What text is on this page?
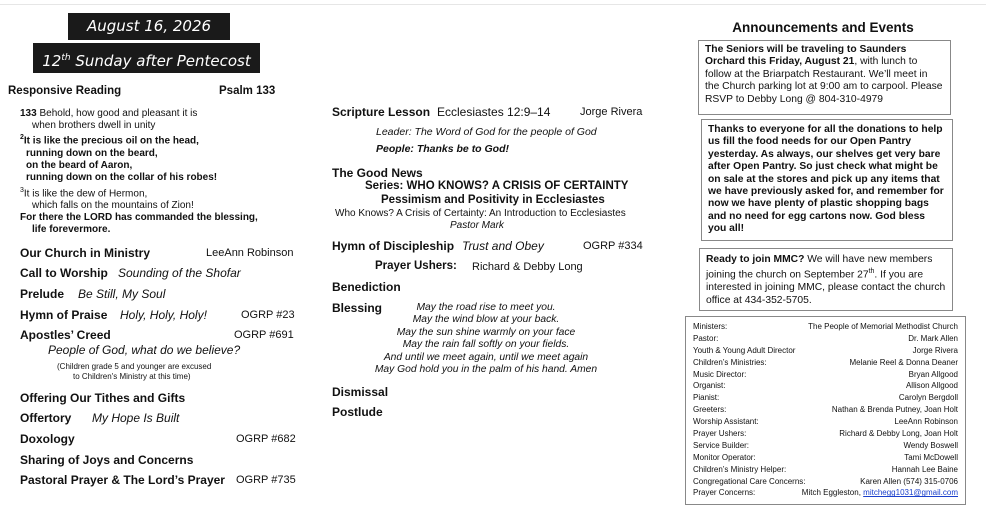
August 16, 2026
12th Sunday after Pentecost
Responsive Reading	Psalm 133
133 Behold, how good and pleasant it is
when brothers dwell in unity
$^2$It is like the precious oil on the head,
running down on the beard,
on the beard of Aaron,
running down on the collar of his robes!
$^3$It is like the dew of Hermon,
which falls on the mountains of Zion!
For there the LORD has commanded the blessing,
life forevermore.
Our Church in Ministry	LeeAnn Robinson
Call to Worship Sounding of the Shofar
Prelude Be Still, My Soul
Hymn of Praise Holy, Holy, Holy!	OGRP #23
Apostles’ Creed	OGRP #691
People of God, what do we believe?
(Children grade 5 and younger are excused
to Children's Ministry at this time)
Offering Our Tithes and Gifts
Offertory My Hope Is Built
Doxology	OGRP #682
Sharing of Joys and Concerns
Pastoral Prayer & The Lord’s Prayer OGRP #735
Scripture Lesson Ecclesiastes 12:9–14	Jorge Rivera
Leader: The Word of God for the people of God
People: Thanks be to God!
The Good News
Series: WHO KNOWS? A CRISIS OF CERTAINTY
Pessimism and Positivity in Ecclesiastes
Who Knows? A Crisis of Certainty: An Introduction to Ecclesiastes
Pastor Mark
Hymn of Discipleship Trust and Obey	OGRP #334
Prayer Ushers: Richard & Debby Long
Benediction
Blessing	May the road rise to meet you.
May the wind blow at your back.
May the sun shine warmly on your face
May the rain fall softly on your fields.
And until we meet again, until we meet again
May God hold you in the palm of his hand. Amen
Dismissal
Postlude
Announcements and Events
The Seniors will be traveling to Saunders Orchard this Friday, August 21, with lunch to follow at the Briarpatch Restaurant. We’ll meet in the Church parking lot at 9:00 am to carpool. Please RSVP to Debby Long @ 804-310-4979
Thanks to everyone for all the donations to help us fill the food needs for our Open Pantry yesterday. As always, our shelves get very bare after Open Pantry. So just check what might be on sale at the stores and pick up any items that we have previously asked for, and remember for now we have plenty of plastic shopping bags and no need for egg cartons now. God bless you all!
Ready to join MMC? We will have new members joining the church on September 27th. If you are interested in joining MMC, please contact the church office at 434-352-5705.
Ministers:	The People of Memorial Methodist Church
Pastor:	Dr. Mark Allen
Youth & Young Adult Director	Jorge Rivera
Children’s Ministries:	Melanie Reel & Donna Deaner
Music Director:	Bryan Allgood
Organist:	Allison Allgood
Pianist:	Carolyn Bergdoll
Greeters:	Nathan & Brenda Putney, Joan Holt
Worship Assistant:	LeeAnn Robinson
Prayer Ushers:	Richard & Debby Long, Joan Holt
Service Builder:	Wendy Boswell
Monitor Operator:	Tami McDowell
Children’s Ministry Helper:	Hannah Lee Baine
Congregational Care Concerns:	Karen Allen (574) 315-0706
Prayer Concerns:	Mitch Eggleston, mitchegg1031@gmail.com
